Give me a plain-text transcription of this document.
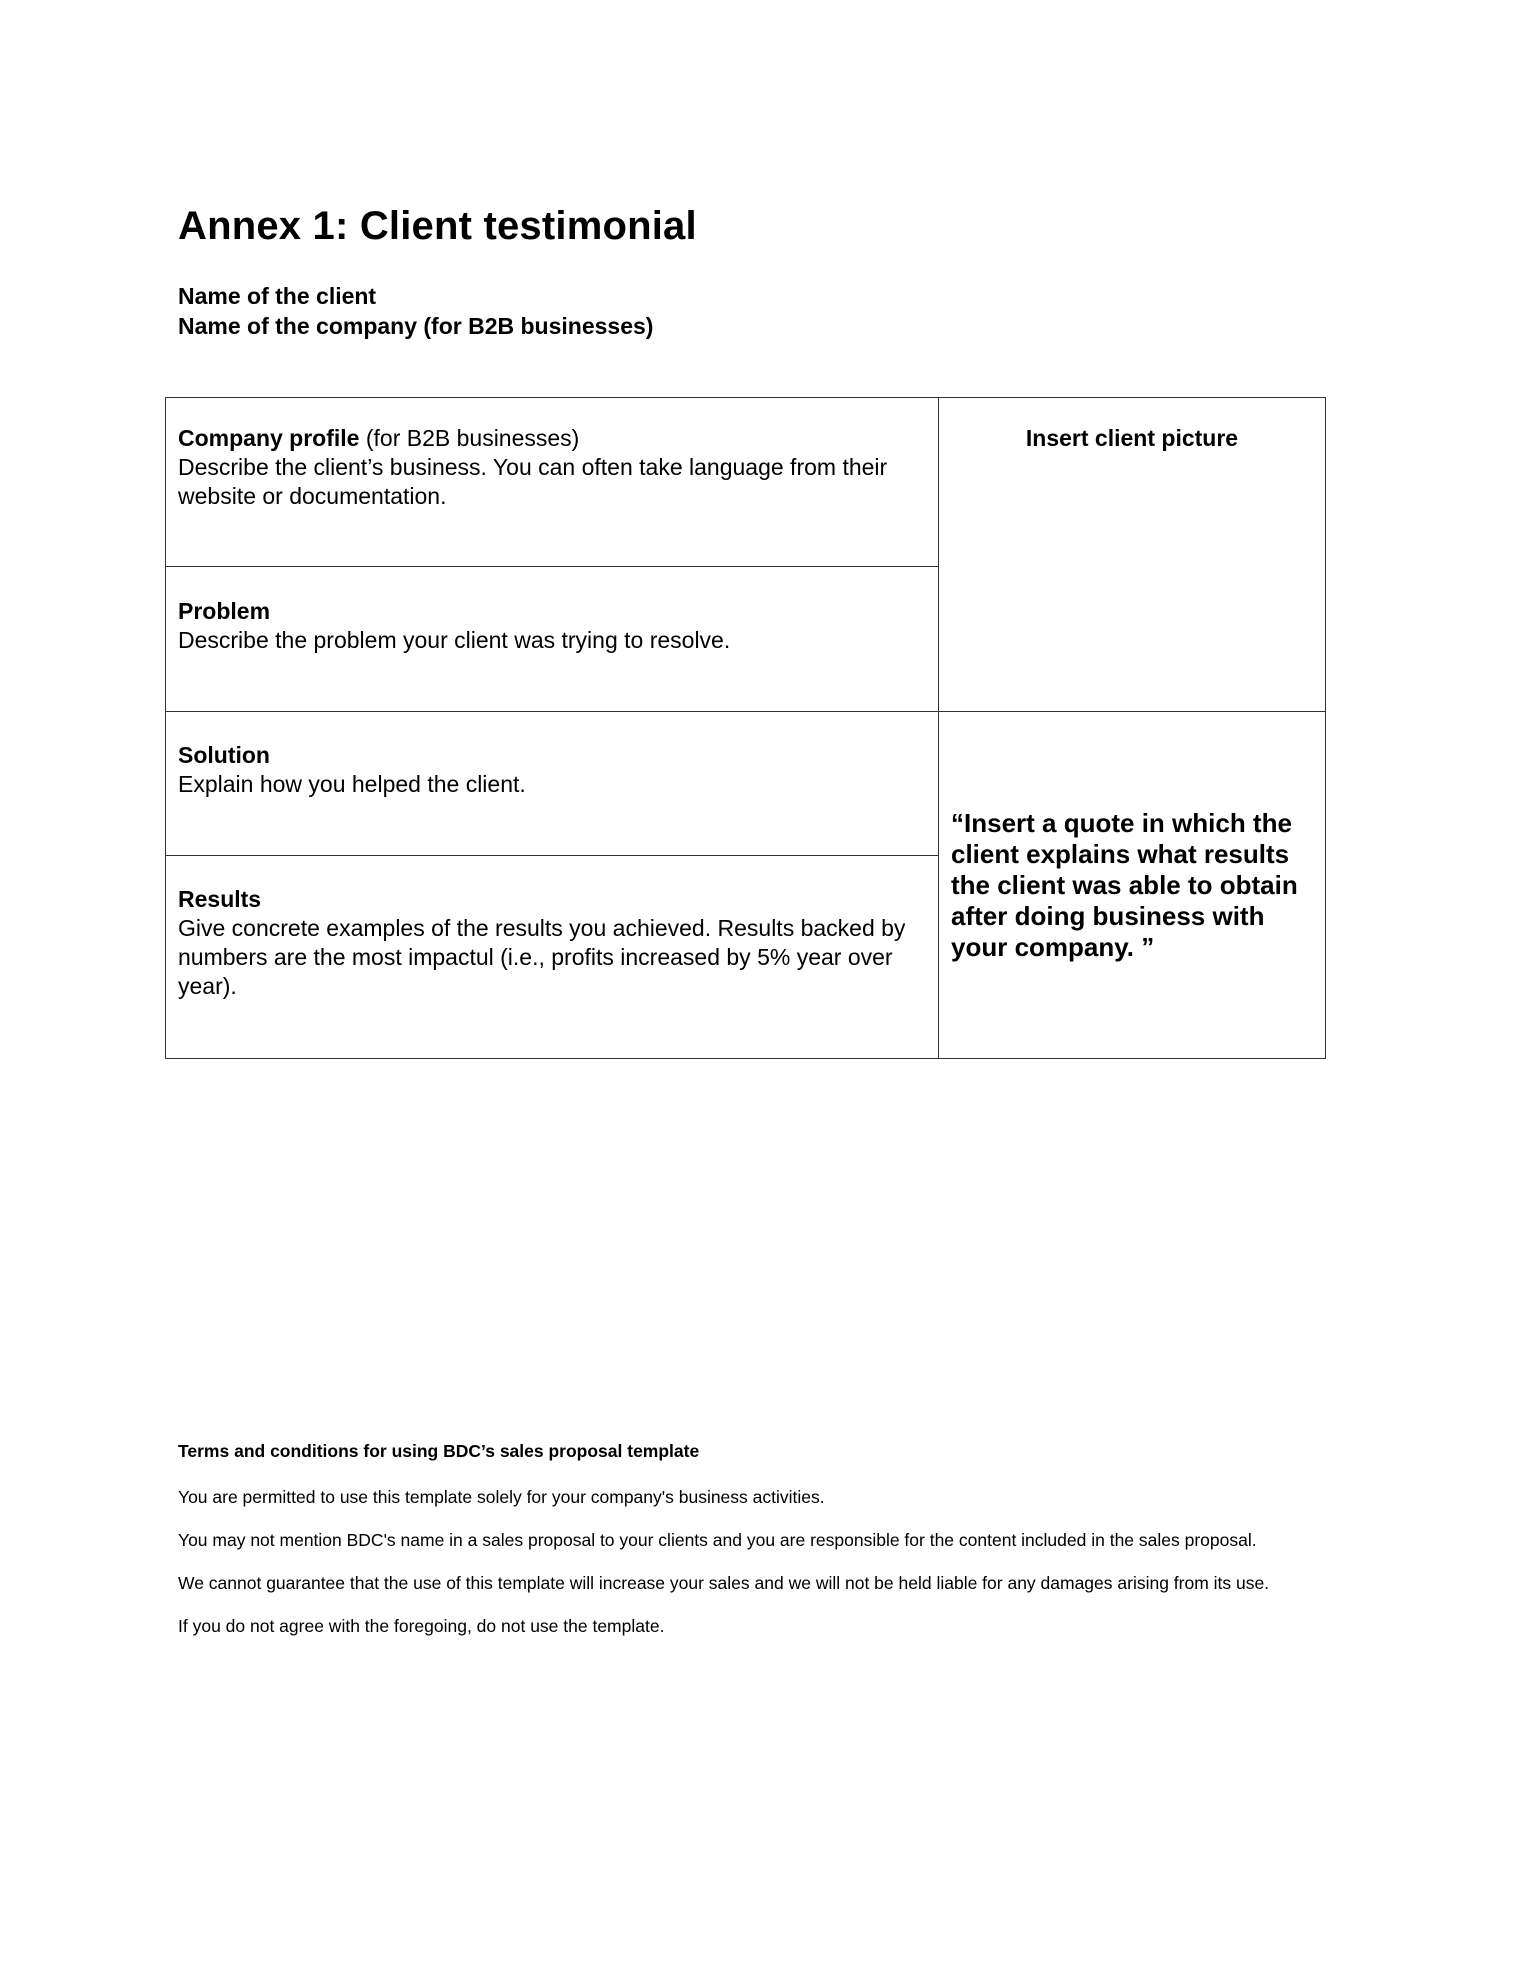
Annex 1: Client testimonial
Name of the client
Name of the company (for B2B businesses)
Company profile (for B2B businesses)
Describe the client’s business. You can often take language from their website or documentation.	Insert client picture
Problem
Describe the problem your client was trying to resolve.	
Solution
Explain how you helped the client.	“Insert a quote in which the client explains what results the client was able to obtain after doing business with your company. ”

Results
Give concrete examples of the results you achieved. Results backed by numbers are the most impactul (i.e., profits increased by 5% year over year).	
Terms and conditions for using BDC’s sales proposal template
You are permitted to use this template solely for your company's business activities.
You may not mention BDC's name in a sales proposal to your clients and you are responsible for the content included in the sales proposal.
We cannot guarantee that the use of this template will increase your sales and we will not be held liable for any damages arising from its use.
If you do not agree with the foregoing, do not use the template.
